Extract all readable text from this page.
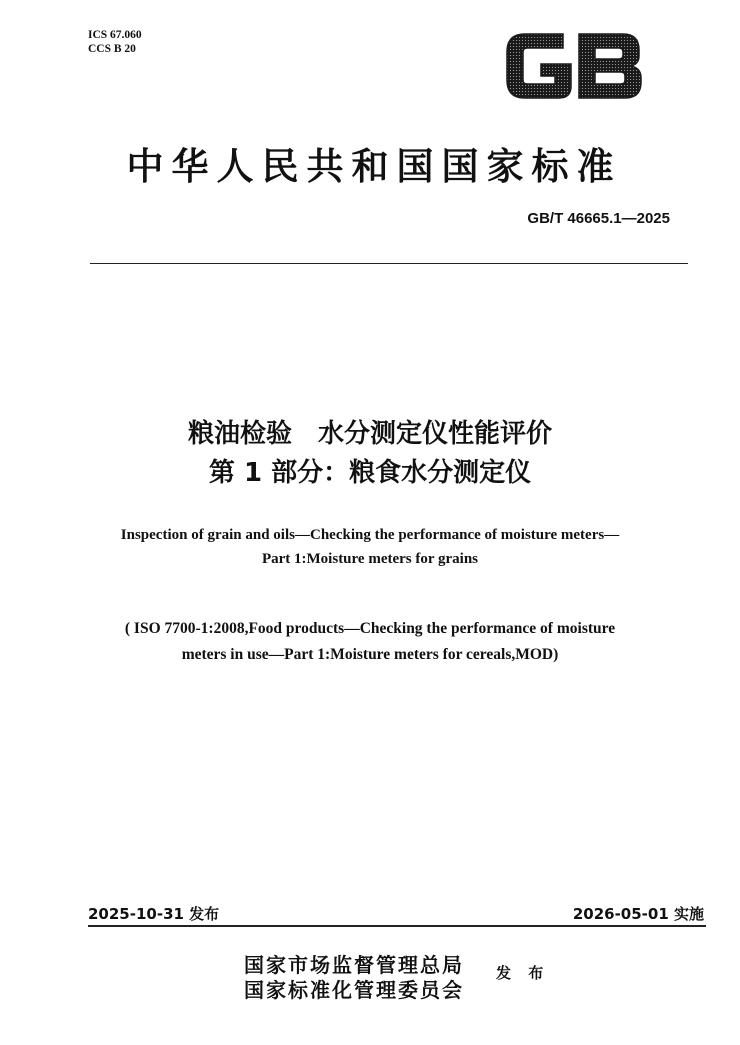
ICS 67.060
CCS B 20
中华人民共和国国家标准
GB/T 46665.1—2025
粮油检验　水分测定仪性能评价
第 1 部分：粮食水分测定仪
Inspection of grain and oils—Checking the performance of moisture meters—
Part 1:Moisture meters for grains
( ISO 7700-1:2008,Food products—Checking the performance of moisture
meters in use—Part 1:Moisture meters for cereals,MOD)
2025-10-31 发布	2026-05-01 实施
国家市场监督管理总局
国家标准化管理委员会
发 布
